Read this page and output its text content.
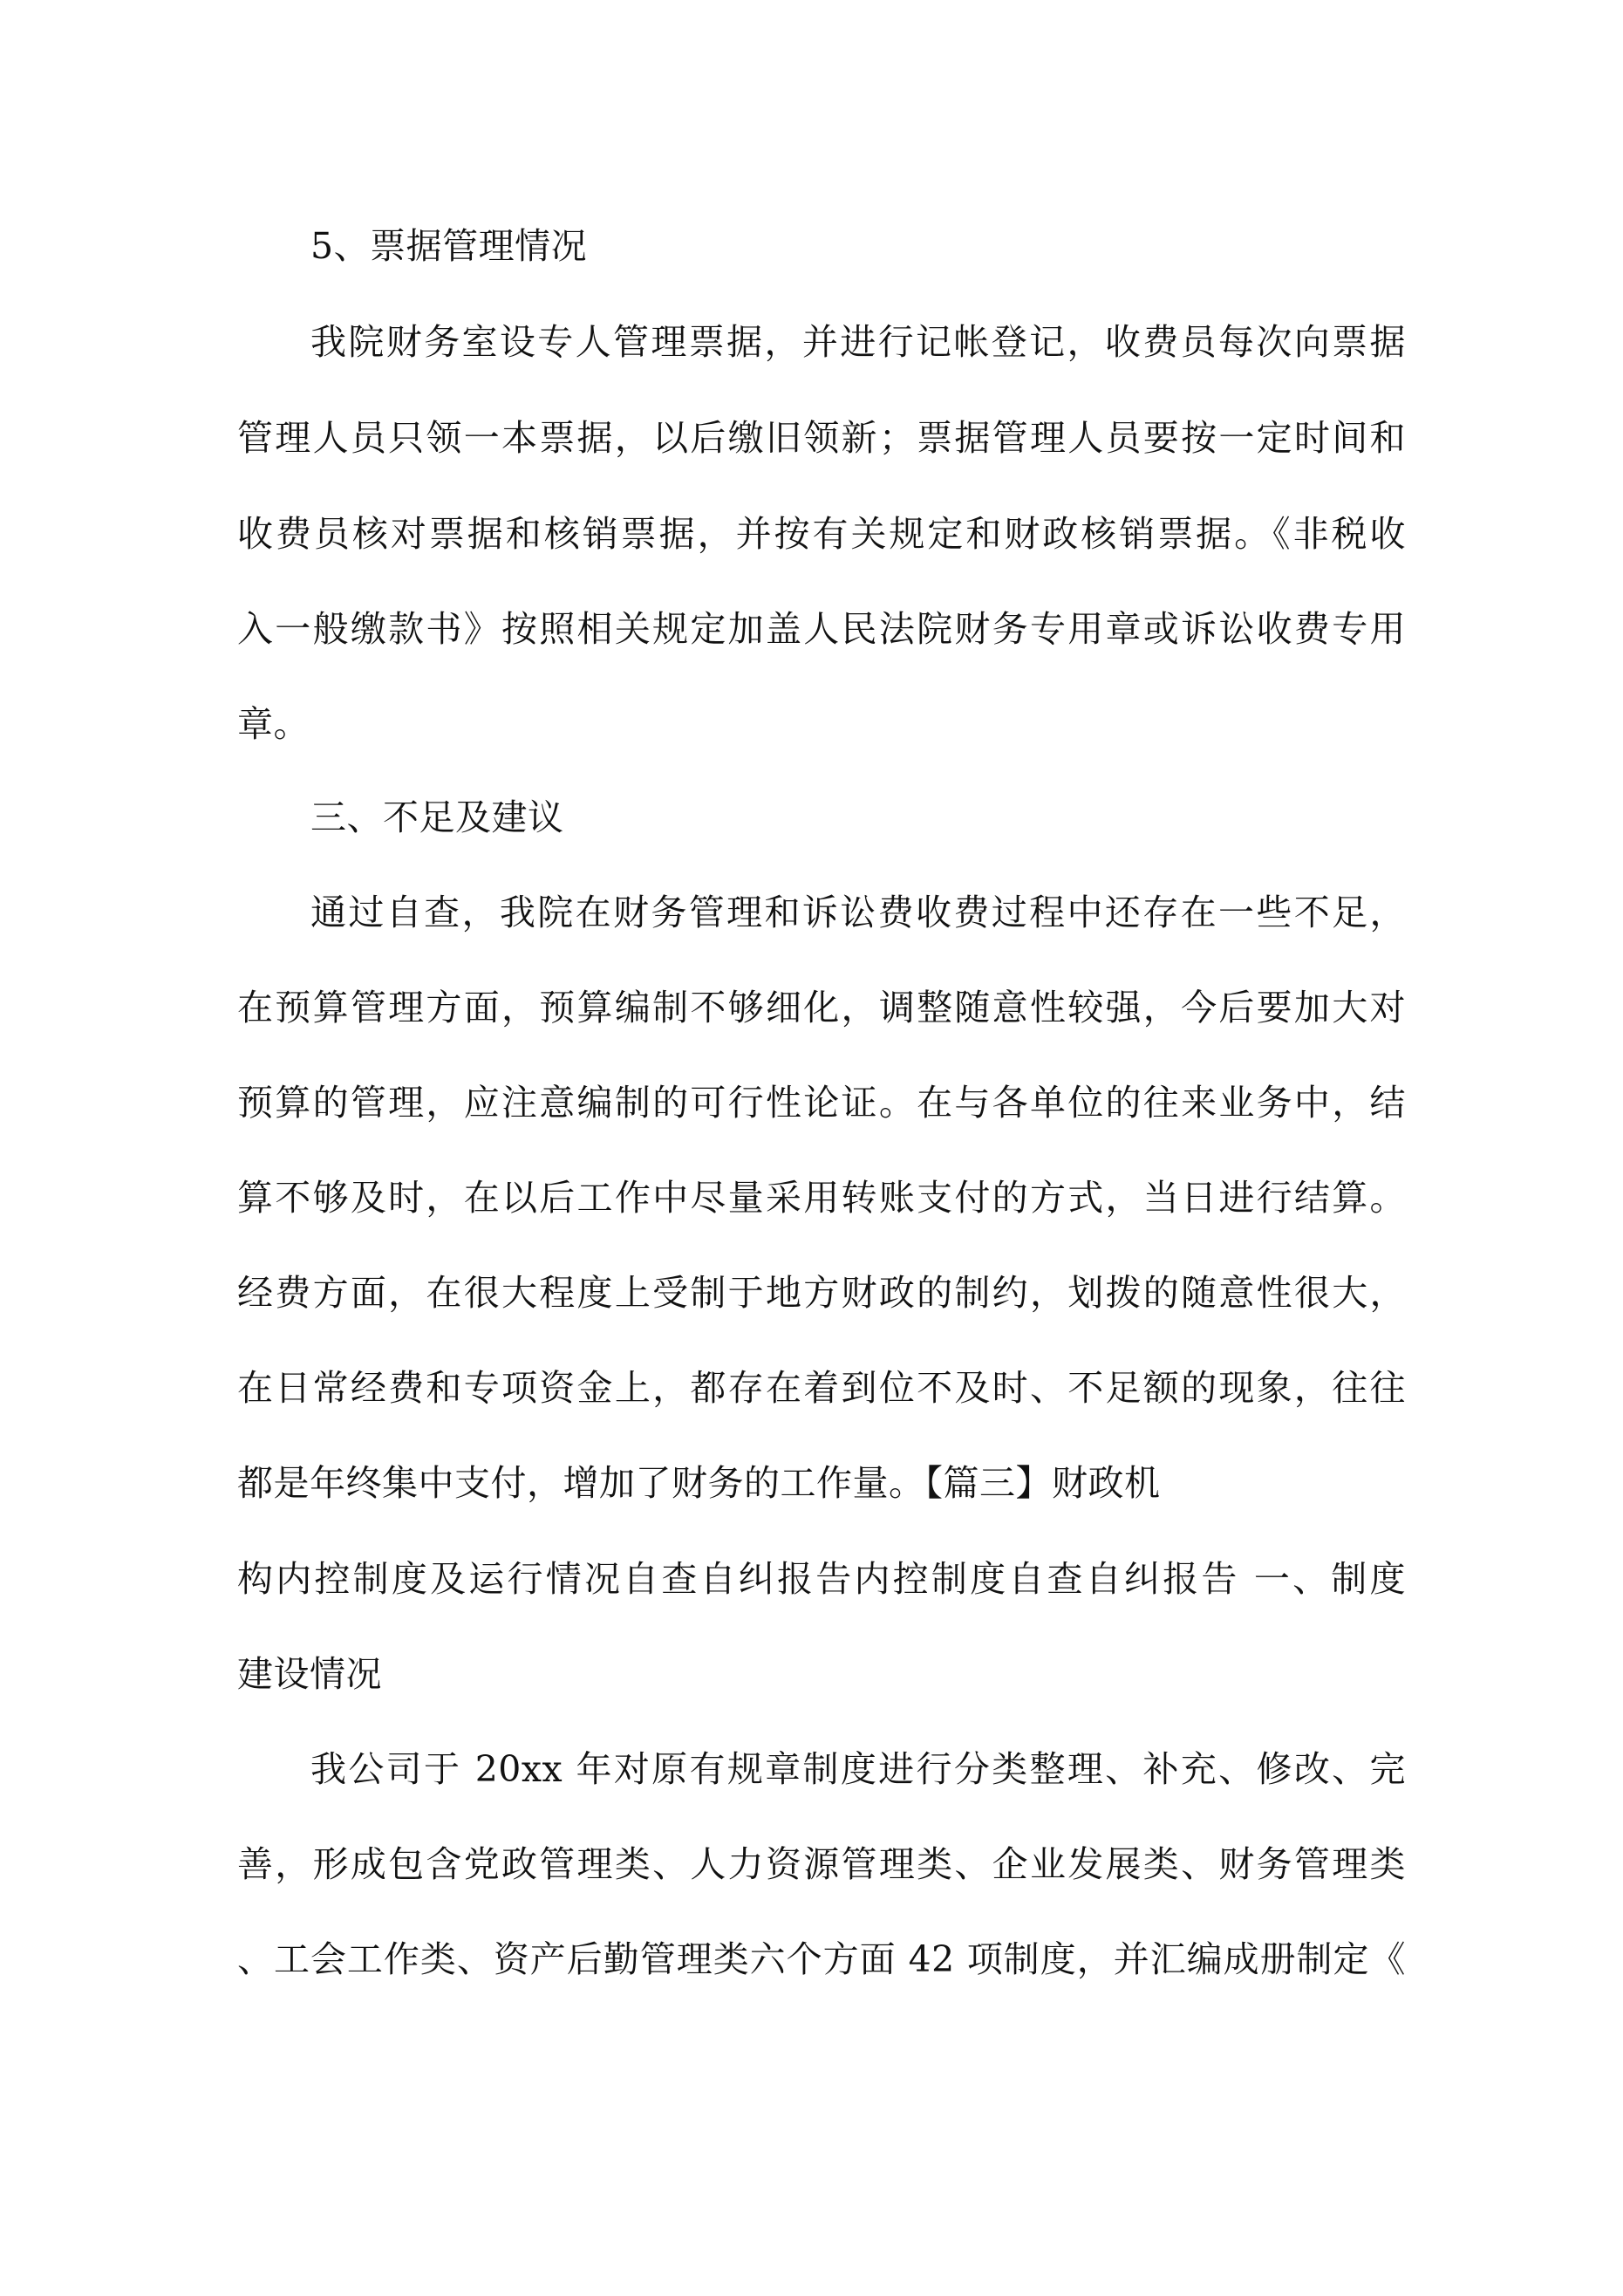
5、票据管理情况
我院财务室设专人管理票据，并进行记帐登记，收费员每次向票据
管理人员只领一本票据，以后缴旧领新；票据管理人员要按一定时间和
收费员核对票据和核销票据，并按有关规定和财政核销票据。《非税收
入一般缴款书》按照相关规定加盖人民法院财务专用章或诉讼收费专用
章。
三、不足及建议
通过自查，我院在财务管理和诉讼费收费过程中还存在一些不足，
在预算管理方面，预算编制不够细化，调整随意性较强，今后要加大对
预算的管理，应注意编制的可行性论证。在与各单位的往来业务中，结
算不够及时，在以后工作中尽量采用转账支付的方式，当日进行结算。
经费方面，在很大程度上受制于地方财政的制约，划拨的随意性很大，
在日常经费和专项资金上，都存在着到位不及时、不足额的现象，往往
都是年终集中支付，增加了财务的工作量。【篇三】财政机
构内控制度及运行情况自查自纠报告内控制度自查自纠报告 一、制度
建设情况
我公司于 20xx 年对原有规章制度进行分类整理、补充、修改、完
善，形成包含党政管理类、人力资源管理类、企业发展类、财务管理类
、工会工作类、资产后勤管理类六个方面 42 项制度，并汇编成册制定《
